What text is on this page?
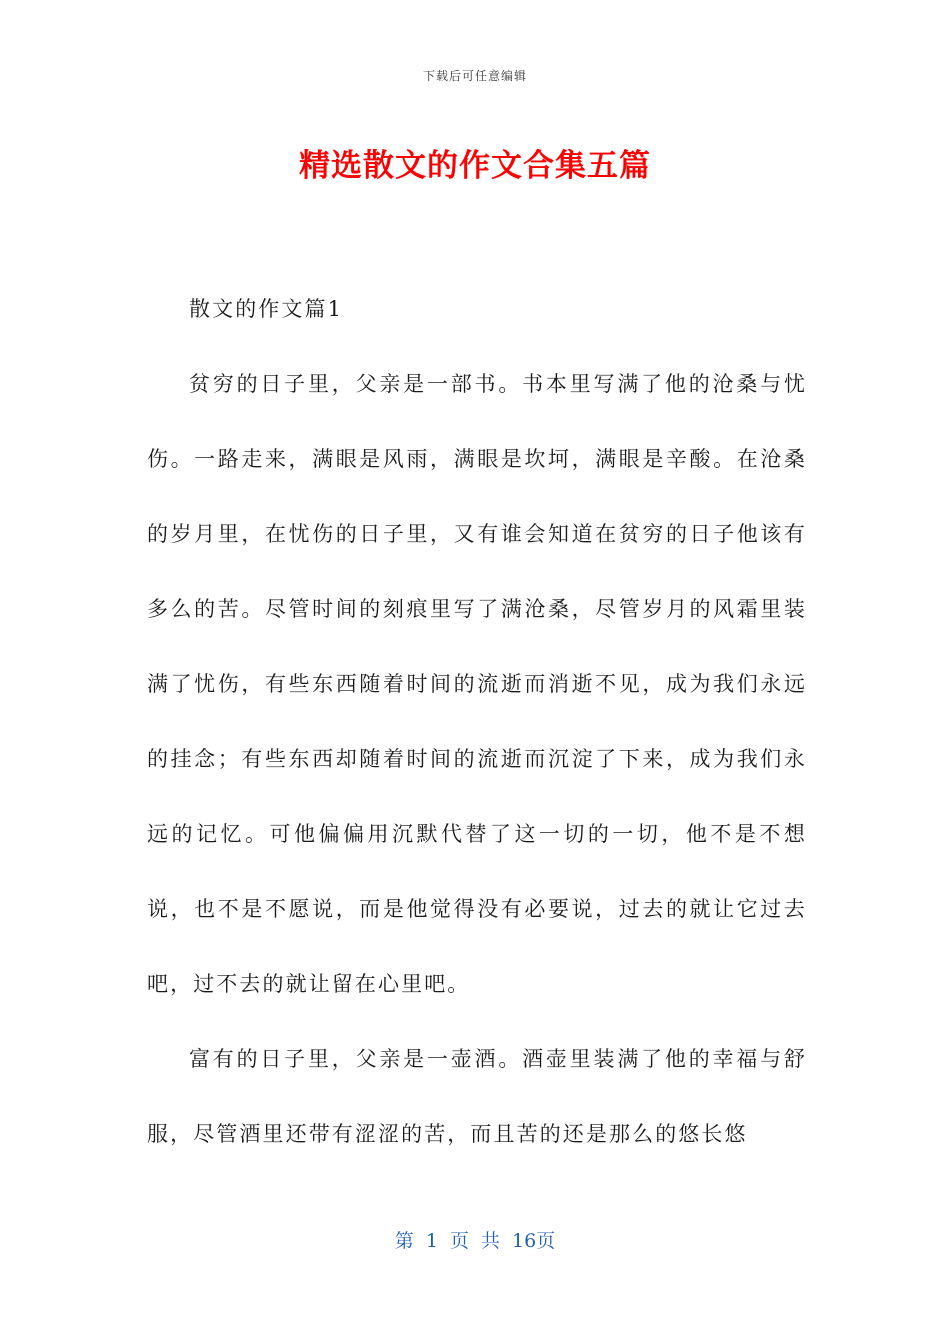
下载后可任意编辑
精选散文的作文合集五篇

散文的作文篇1

贫穷的日子里，父亲是一部书。书本里写满了他的沧桑与忧伤。一路走来，满眼是风雨，满眼是坎坷，满眼是辛酸。在沧桑的岁月里，在忧伤的日子里，又有谁会知道在贫穷的日子他该有多么的苦。尽管时间的刻痕里写了满沧桑，尽管岁月的风霜里装满了忧伤，有些东西随着时间的流逝而消逝不见，成为我们永远的挂念；有些东西却随着时间的流逝而沉淀了下来，成为我们永远的记忆。可他偏偏用沉默代替了这一切的一切，他不是不想说，也不是不愿说，而是他觉得没有必要说，过去的就让它过去吧，过不去的就让留在心里吧。

富有的日子里，父亲是一壶酒。酒壶里装满了他的幸福与舒服，尽管酒里还带有涩涩的苦，而且苦的还是那么的悠长悠

第 1 页 共 16页
